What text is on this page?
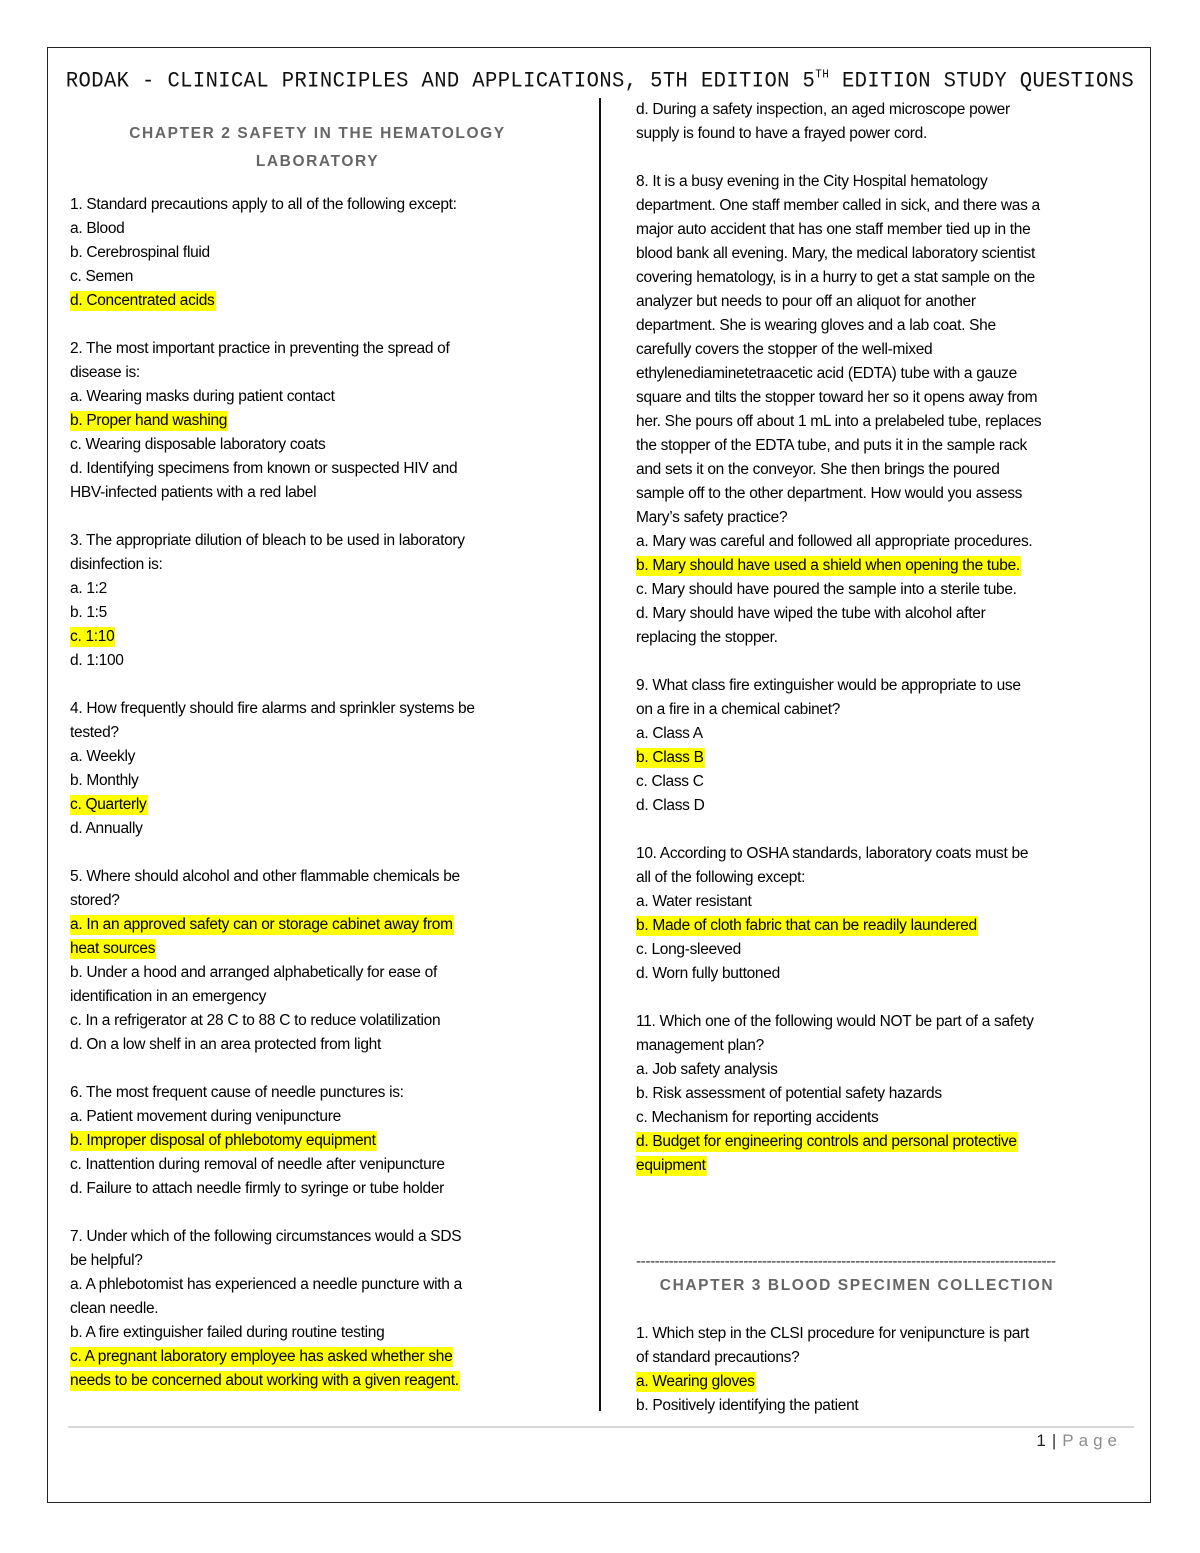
RODAK - CLINICAL PRINCIPLES AND APPLICATIONS, 5TH EDITION 5TH EDITION STUDY QUESTIONS
CHAPTER 2 SAFETY IN THE HEMATOLOGY
LABORATORY
1. Standard precautions apply to all of the following except:
a. Blood
b. Cerebrospinal fluid
c. Semen
d. Concentrated acids
2. The most important practice in preventing the spread of
disease is:
a. Wearing masks during patient contact
b. Proper hand washing
c. Wearing disposable laboratory coats
d. Identifying specimens from known or suspected HIV and
HBV-infected patients with a red label
3. The appropriate dilution of bleach to be used in laboratory
disinfection is:
a. 1:2
b. 1:5
c. 1:10
d. 1:100
4. How frequently should fire alarms and sprinkler systems be
tested?
a. Weekly
b. Monthly
c. Quarterly
d. Annually
5. Where should alcohol and other flammable chemicals be
stored?
a. In an approved safety can or storage cabinet away from
heat sources
b. Under a hood and arranged alphabetically for ease of
identification in an emergency
c. In a refrigerator at 28 C to 88 C to reduce volatilization
d. On a low shelf in an area protected from light
6. The most frequent cause of needle punctures is:
a. Patient movement during venipuncture
b. Improper disposal of phlebotomy equipment
c. Inattention during removal of needle after venipuncture
d. Failure to attach needle firmly to syringe or tube holder
7. Under which of the following circumstances would a SDS
be helpful?
a. A phlebotomist has experienced a needle puncture with a
clean needle.
b. A fire extinguisher failed during routine testing
c. A pregnant laboratory employee has asked whether she
needs to be concerned about working with a given reagent.
d. During a safety inspection, an aged microscope power
supply is found to have a frayed power cord.
8. It is a busy evening in the City Hospital hematology
department. One staff member called in sick, and there was a
major auto accident that has one staff member tied up in the
blood bank all evening. Mary, the medical laboratory scientist
covering hematology, is in a hurry to get a stat sample on the
analyzer but needs to pour off an aliquot for another
department. She is wearing gloves and a lab coat. She
carefully covers the stopper of the well-mixed
ethylenediaminetetraacetic acid (EDTA) tube with a gauze
square and tilts the stopper toward her so it opens away from
her. She pours off about 1 mL into a prelabeled tube, replaces
the stopper of the EDTA tube, and puts it in the sample rack
and sets it on the conveyor. She then brings the poured
sample off to the other department. How would you assess
Mary’s safety practice?
a. Mary was careful and followed all appropriate procedures.
b. Mary should have used a shield when opening the tube.
c. Mary should have poured the sample into a sterile tube.
d. Mary should have wiped the tube with alcohol after
replacing the stopper.
9. What class fire extinguisher would be appropriate to use
on a fire in a chemical cabinet?
a. Class A
b. Class B
c. Class C
d. Class D
10. According to OSHA standards, laboratory coats must be
all of the following except:
a. Water resistant
b. Made of cloth fabric that can be readily laundered
c. Long-sleeved
d. Worn fully buttoned
11. Which one of the following would NOT be part of a safety
management plan?
a. Job safety analysis
b. Risk assessment of potential safety hazards
c. Mechanism for reporting accidents
d. Budget for engineering controls and personal protective
equipment
------------------------------------------------------------------------------------------
CHAPTER 3 BLOOD SPECIMEN COLLECTION
1. Which step in the CLSI procedure for venipuncture is part
of standard precautions?
a. Wearing gloves
b. Positively identifying the patient
1 | Page
